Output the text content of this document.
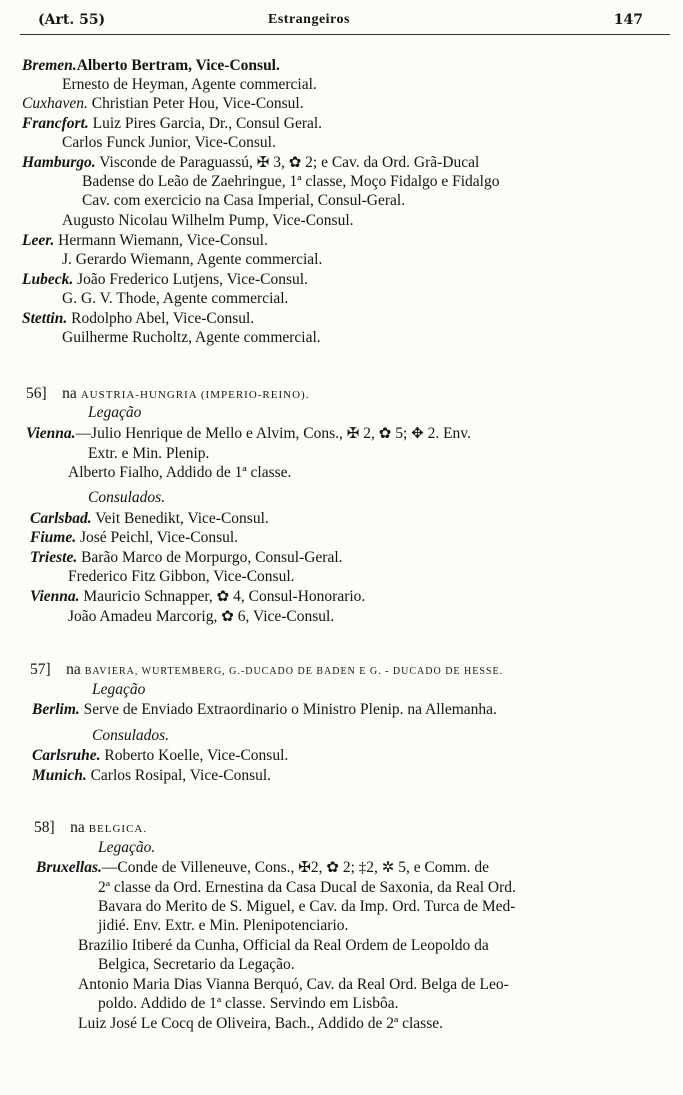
(Art. 55)	Estrangeiros	147
Bremen.Alberto Bertram, Vice-Consul.
Ernesto de Heyman, Agente commercial.
Cuxhaven. Christian Peter Hou, Vice-Consul.
Francfort. Luiz Pires Garcia, Dr., Consul Geral.
Carlos Funck Junior, Vice-Consul.
Hamburgo. Visconde de Paraguassú, ✠ 3, ✿ 2; e Cav. da Ord. Grã-Ducal
Badense do Leão de Zaehringue, 1ª classe, Moço Fidalgo e Fidalgo
Cav. com exercicio na Casa Imperial, Consul-Geral.
Augusto Nicolau Wilhelm Pump, Vice-Consul.
Leer. Hermann Wiemann, Vice-Consul.
J. Gerardo Wiemann, Agente commercial.
Lubeck. João Frederico Lutjens, Vice-Consul.
G. G. V. Thode, Agente commercial.
Stettin. Rodolpho Abel, Vice-Consul.
Guilherme Rucholtz, Agente commercial.
56] na AUSTRIA-HUNGRIA (IMPERIO-REINO).
Legação
Vienna.—Julio Henrique de Mello e Alvim, Cons., ✠ 2, ✿ 5; ✥ 2. Env.
Extr. e Min. Plenip.
Alberto Fialho, Addido de 1ª classe.
Consulados.
Carlsbad. Veit Benedikt, Vice-Consul.
Fiume. José Peichl, Vice-Consul.
Trieste. Barão Marco de Morpurgo, Consul-Geral.
Frederico Fitz Gibbon, Vice-Consul.
Vienna. Mauricio Schnapper, ✿ 4, Consul-Honorario.
João Amadeu Marcorig, ✿ 6, Vice-Consul.
57] na BAVIERA, WURTEMBERG, G.-DUCADO DE BADEN E G. - DUCADO DE HESSE.
Legação
Berlim. Serve de Enviado Extraordinario o Ministro Plenip. na Allemanha.
Consulados.
Carlsruhe. Roberto Koelle, Vice-Consul.
Munich. Carlos Rosipal, Vice-Consul.
58] na BELGICA.
Legação.
Bruxellas.—Conde de Villeneuve, Cons., ✠2, ✿ 2; ‡2, ✲ 5, e Comm. de
2ª classe da Ord. Ernestina da Casa Ducal de Saxonia, da Real Ord.
Bavara do Merito de S. Miguel, e Cav. da Imp. Ord. Turca de Med-
jidié. Env. Extr. e Min. Plenipotenciario.
Brazilio Itiberé da Cunha, Official da Real Ordem de Leopoldo da
Belgica, Secretario da Legação.
Antonio Maria Dias Vianna Berquó, Cav. da Real Ord. Belga de Leo-
poldo. Addido de 1ª classe. Servindo em Lisbôa.
Luiz José Le Cocq de Oliveira, Bach., Addido de 2ª classe.
